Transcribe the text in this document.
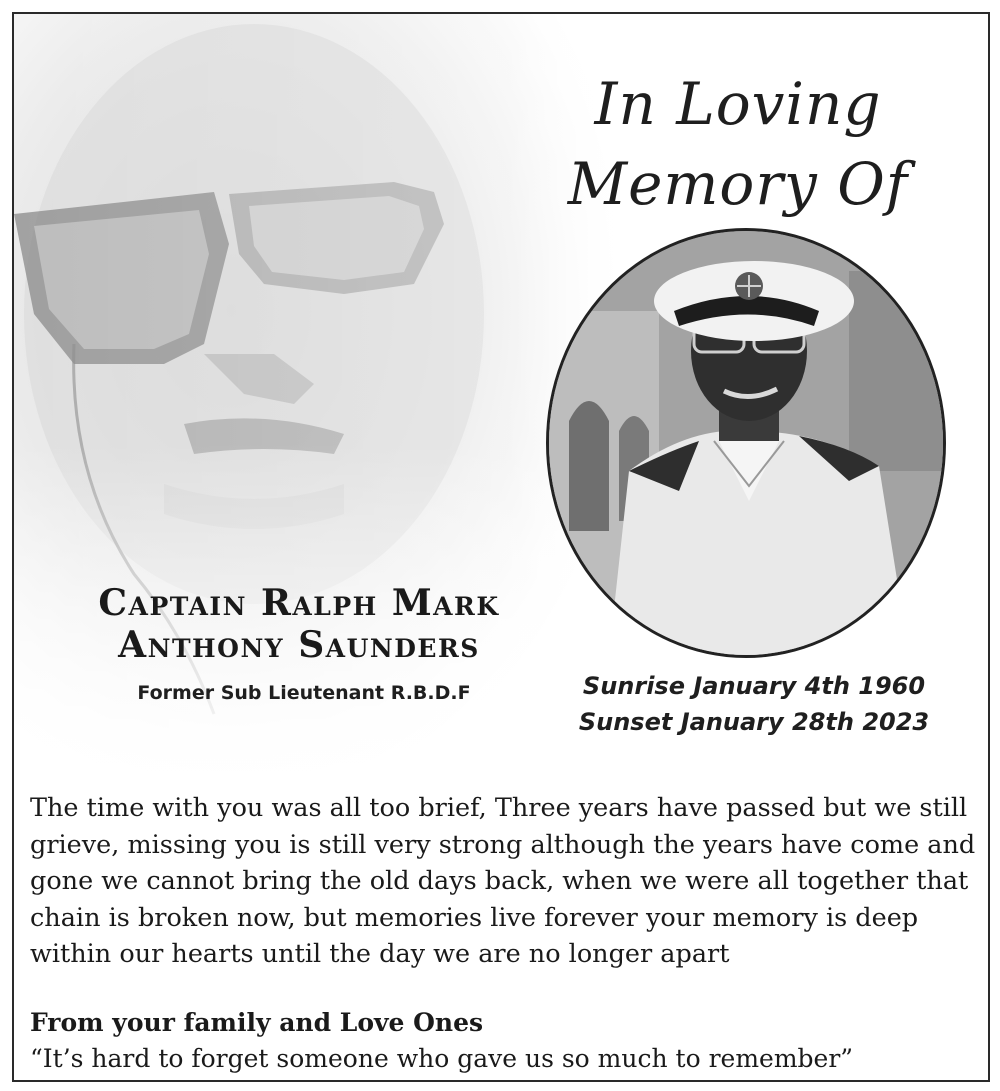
In Loving
Memory Of
Captain Ralph Mark
Anthony Saunders
Former Sub Lieutenant R.B.D.F	Sunrise January 4th 1960
Sunset January 28th 2023
The time with you was all too brief, Three years have passed but we still grieve, missing you is still very strong although the years have come and gone we cannot bring the old days back, when we were all together that chain is broken now, but memories live forever your memory is deep within our hearts until the day we are no longer apart
From your family and Love Ones
“It’s hard to forget someone who gave us so much to remember”
